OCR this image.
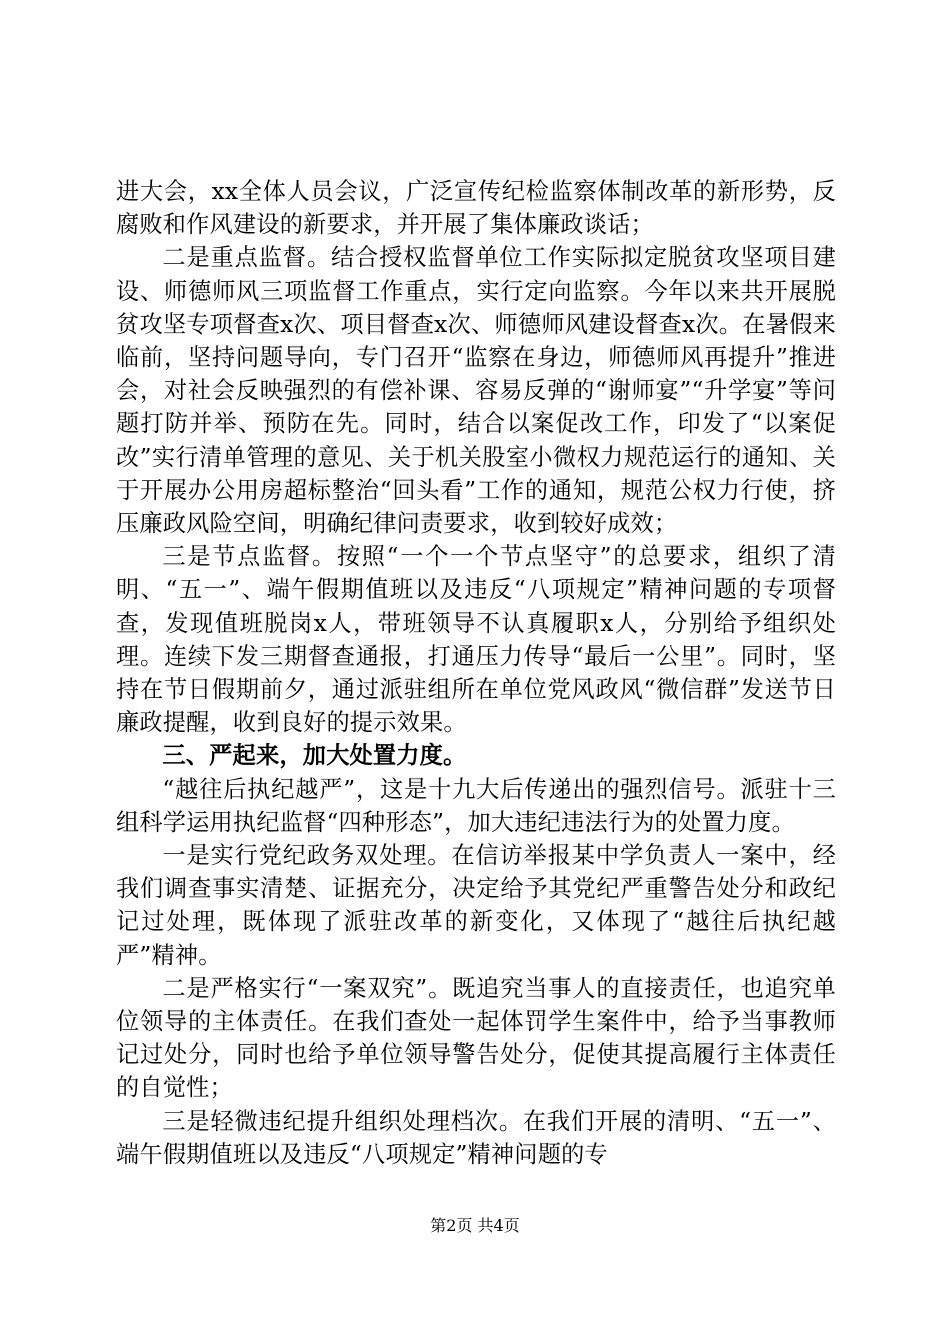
进大会，xx全体人员会议，广泛宣传纪检监察体制改革的新形势，反腐败和作风建设的新要求，并开展了集体廉政谈话；

二是重点监督。结合授权监督单位工作实际拟定脱贫攻坚项目建设、师德师风三项监督工作重点，实行定向监察。今年以来共开展脱贫攻坚专项督查x次、项目督查x次、师德师风建设督查x次。在暑假来临前，坚持问题导向，专门召开“监察在身边，师德师风再提升”推进会，对社会反映强烈的有偿补课、容易反弹的“谢师宴”“升学宴”等问题打防并举、预防在先。同时，结合以案促改工作，印发了“以案促改”实行清单管理的意见、关于机关股室小微权力规范运行的通知、关于开展办公用房超标整治“回头看”工作的通知，规范公权力行使，挤压廉政风险空间，明确纪律问责要求，收到较好成效；

三是节点监督。按照“一个一个节点坚守”的总要求，组织了清明、“五一”、端午假期值班以及违反“八项规定”精神问题的专项督查，发现值班脱岗x人，带班领导不认真履职x人，分别给予组织处理。连续下发三期督查通报，打通压力传导“最后一公里”。同时，坚持在节日假期前夕，通过派驻组所在单位党风政风“微信群”发送节日廉政提醒，收到良好的提示效果。

三、严起来，加大处置力度。

“越往后执纪越严”，这是十九大后传递出的强烈信号。派驻十三组科学运用执纪监督“四种形态”，加大违纪违法行为的处置力度。

一是实行党纪政务双处理。在信访举报某中学负责人一案中，经我们调查事实清楚、证据充分，决定给予其党纪严重警告处分和政纪记过处理，既体现了派驻改革的新变化，又体现了“越往后执纪越严”精神。

二是严格实行“一案双究”。既追究当事人的直接责任，也追究单位领导的主体责任。在我们查处一起体罚学生案件中，给予当事教师记过处分，同时也给予单位领导警告处分，促使其提高履行主体责任的自觉性；

三是轻微违纪提升组织处理档次。在我们开展的清明、“五一”、端午假期值班以及违反“八项规定”精神问题的专

第2页 共4页
